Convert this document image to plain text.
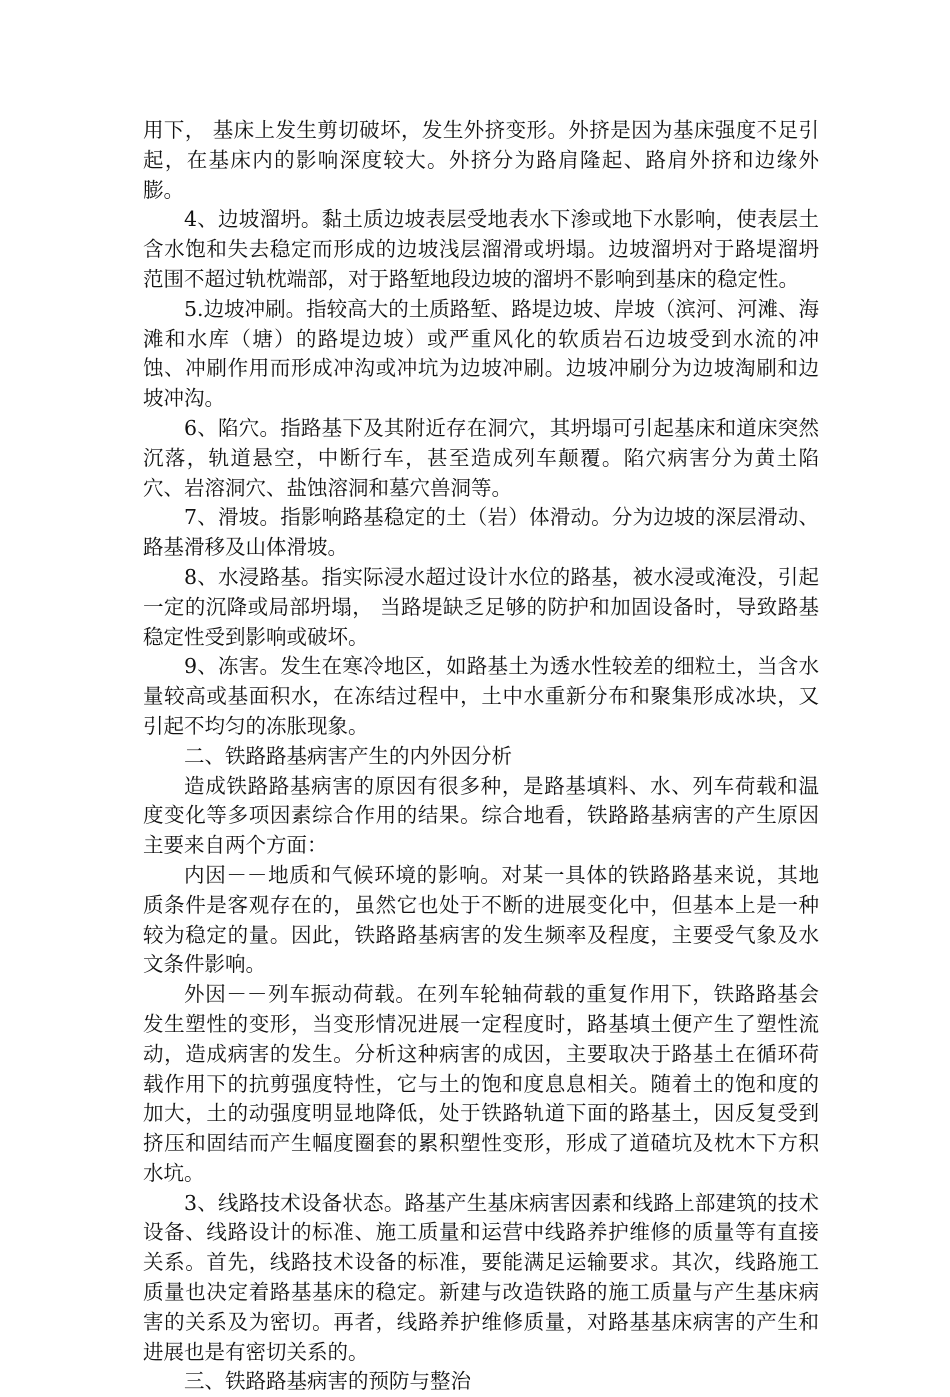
用下， 基床上发生剪切破坏，发生外挤变形。外挤是因为基床强度不足引起，在基床内的影响深度较大。外挤分为路肩隆起、路肩外挤和边缘外膨。

4、边坡溜坍。黏土质边坡表层受地表水下渗或地下水影响，使表层土含水饱和失去稳定而形成的边坡浅层溜滑或坍塌。边坡溜坍对于路堤溜坍范围不超过轨枕端部，对于路堑地段边坡的溜坍不影响到基床的稳定性。

5.边坡冲刷。指较高大的土质路堑、路堤边坡、岸坡（滨河、河滩、海滩和水库（塘）的路堤边坡）或严重风化的软质岩石边坡受到水流的冲蚀、冲刷作用而形成冲沟或冲坑为边坡冲刷。边坡冲刷分为边坡淘刷和边坡冲沟。

6、陷穴。指路基下及其附近存在洞穴，其坍塌可引起基床和道床突然沉落，轨道悬空，中断行车，甚至造成列车颠覆。陷穴病害分为黄土陷穴、岩溶洞穴、盐蚀溶洞和墓穴兽洞等。

7、滑坡。指影响路基稳定的土（岩）体滑动。分为边坡的深层滑动、路基滑移及山体滑坡。

8、水浸路基。指实际浸水超过设计水位的路基，被水浸或淹没，引起一定的沉降或局部坍塌， 当路堤缺乏足够的防护和加固设备时，导致路基稳定性受到影响或破坏。

9、冻害。发生在寒冷地区，如路基土为透水性较差的细粒土，当含水量较高或基面积水，在冻结过程中，土中水重新分布和聚集形成冰块，又引起不均匀的冻胀现象。

二、铁路路基病害产生的内外因分析

造成铁路路基病害的原因有很多种，是路基填料、水、列车荷载和温度变化等多项因素综合作用的结果。综合地看，铁路路基病害的产生原因主要来自两个方面：

内因－－地质和气候环境的影响。对某一具体的铁路路基来说，其地质条件是客观存在的，虽然它也处于不断的进展变化中，但基本上是一种较为稳定的量。因此，铁路路基病害的发生频率及程度，主要受气象及水文条件影响。

外因－－列车振动荷载。在列车轮轴荷载的重复作用下，铁路路基会发生塑性的变形，当变形情况进展一定程度时，路基填土便产生了塑性流动，造成病害的发生。分析这种病害的成因，主要取决于路基土在循环荷载作用下的抗剪强度特性，它与土的饱和度息息相关。随着土的饱和度的加大，土的动强度明显地降低，处于铁路轨道下面的路基土，因反复受到挤压和固结而产生幅度圈套的累积塑性变形，形成了道碴坑及枕木下方积水坑。

3、线路技术设备状态。路基产生基床病害因素和线路上部建筑的技术设备、线路设计的标准、施工质量和运营中线路养护维修的质量等有直接关系。首先，线路技术设备的标准，要能满足运输要求。其次，线路施工质量也决定着路基基床的稳定。新建与改造铁路的施工质量与产生基床病害的关系及为密切。再者，线路养护维修质量，对路基基床病害的产生和进展也是有密切关系的。

三、铁路路基病害的预防与整治
